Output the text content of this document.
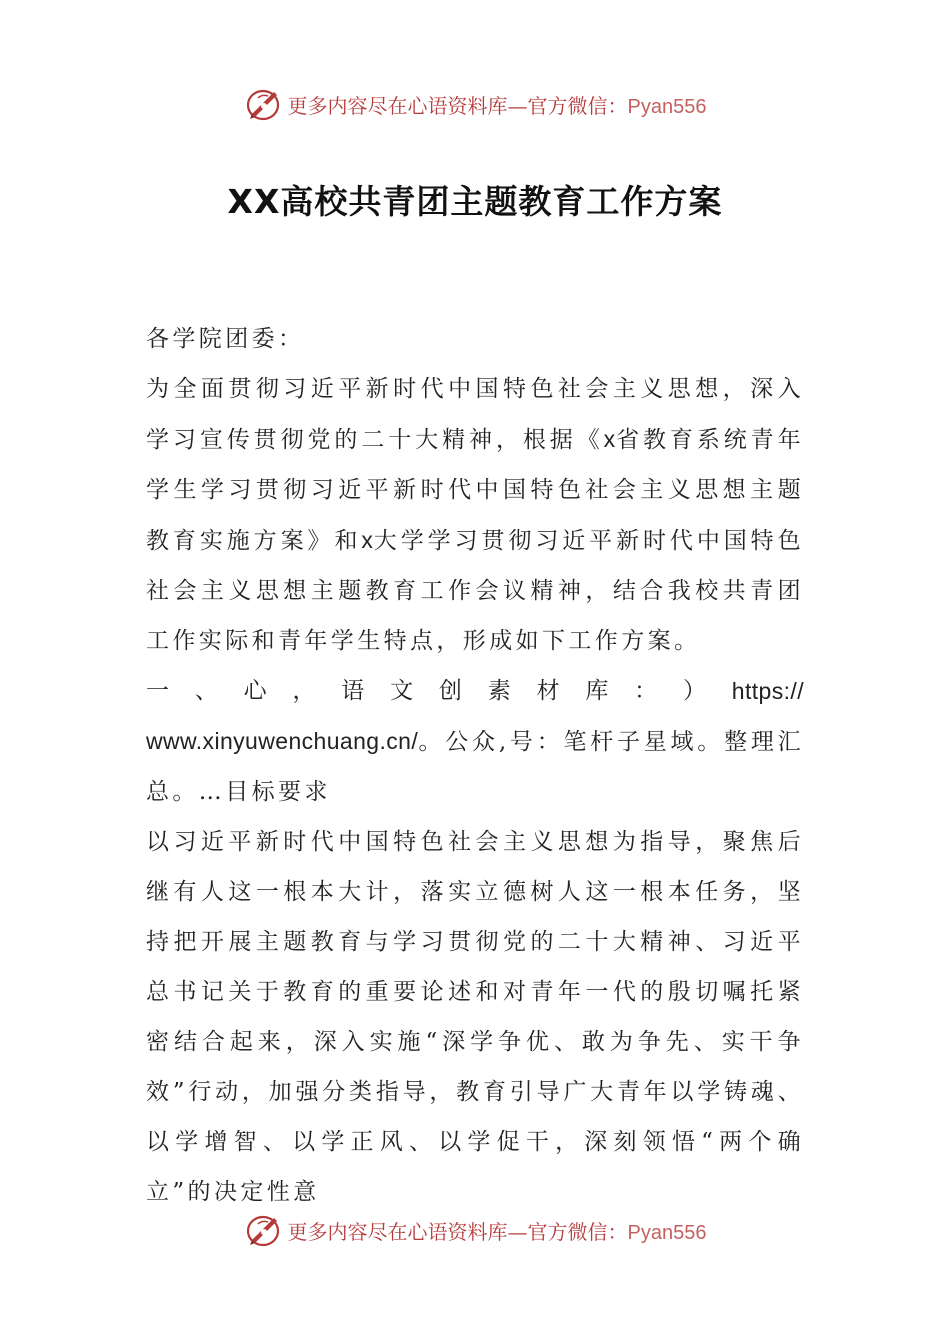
更多内容尽在心语资料库—官方微信：Pyan556
XX高校共青团主题教育工作方案

各学院团委：

为全面贯彻习近平新时代中国特色社会主义思想，深入学习宣传贯彻党的二十大精神，根据《x省教育系统青年学生学习贯彻习近平新时代中国特色社会主义思想主题教育实施方案》和x大学学习贯彻习近平新时代中国特色社会主义思想主题教育工作会议精神，结合我校共青团工作实际和青年学生特点，形成如下工作方案。

一 、 心 ， 语 文 创 素 材 库 ： ） https://

www.xinyuwenchuang.cn/。公众,号：笔杆子星域。整理汇总。…目标要求

以习近平新时代中国特色社会主义思想为指导，聚焦后继有人这一根本大计，落实立德树人这一根本任务，坚持把开展主题教育与学习贯彻党的二十大精神、习近平总书记关于教育的重要论述和对青年一代的殷切嘱托紧密结合起来，深入实施“深学争优、敢为争先、实干争效”行动，加强分类指导，教育引导广大青年以学铸魂、以学增智、以学正风、以学促干，深刻领悟“两个确立”的决定性意

更多内容尽在心语资料库—官方微信：Pyan556
